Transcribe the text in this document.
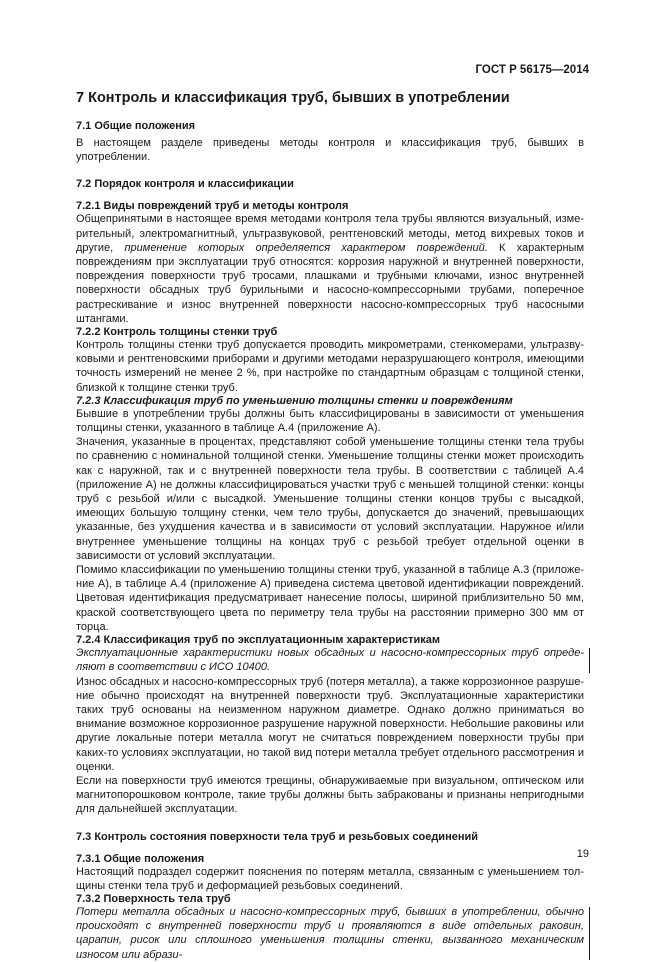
ГОСТ Р 56175—2014
7 Контроль и классификация труб, бывших в употреблении
7.1 Общие положения

В настоящем разделе приведены методы контроля и классификация труб, бывших в употреблении.

7.2 Порядок контроля и классификации
7.2.1 Виды повреждений труб и методы контроля

Общепринятыми в настоящее время методами контроля тела трубы являются визуальный, измерительный, электромагнитный, ультразвуковой, рентгеновский методы, метод вихревых токов и другие, применение которых определяется характером повреждений. К характерным повреждениям при эксплуатации труб относятся: коррозия наружной и внутренней поверхности, повреждения поверхности труб тросами, плашками и трубными ключами, износ внутренней поверхности обсадных труб бурильными и насосно-компрессорными трубами, поперечное растрескивание и износ внутренней поверхности насосно-компрессорных труб насосными штангами.

7.2.2 Контроль толщины стенки труб

Контроль толщины стенки труб допускается проводить микрометрами, стенкомерами, ультразвуковыми и рентгеновскими приборами и другими методами неразрушающего контроля, имеющими точность измерений не менее 2 %, при настройке по стандартным образцам с толщиной стенки, близкой к толщине стенки труб.

7.2.3 Классификация труб по уменьшению толщины стенки и повреждениям

Бывшие в употреблении трубы должны быть классифицированы в зависимости от уменьшения толщины стенки, указанного в таблице А.4 (приложение А).

Значения, указанные в процентах, представляют собой уменьшение толщины стенки тела трубы по сравнению с номинальной толщиной стенки. Уменьшение толщины стенки может происходить как с наружной, так и с внутренней поверхности тела трубы. В соответствии с таблицей А.4 (приложение А) не должны классифицироваться участки труб с меньшей толщиной стенки: концы труб с резьбой и/или с высадкой. Уменьшение толщины стенки концов трубы с высадкой, имеющих большую толщину стенки, чем тело трубы, допускается до значений, превышающих указанные, без ухудшения качества и в зависимости от условий эксплуатации. Наружное и/или внутреннее уменьшение толщины на концах труб с резьбой требует отдельной оценки в зависимости от условий эксплуатации.

Помимо классификации по уменьшению толщины стенки труб, указанной в таблице А.3 (приложение А), в таблице А.4 (приложение А) приведена система цветовой идентификации повреждений. Цветовая идентификация предусматривает нанесение полосы, шириной приблизительно 50 мм, краской соответствующего цвета по периметру тела трубы на расстоянии примерно 300 мм от торца.

7.2.4 Классификация труб по эксплуатационным характеристикам

Эксплуатационные характеристики новых обсадных и насосно-компрессорных труб определяют в соответствии с ИСО 10400.

Износ обсадных и насосно-компрессорных труб (потеря металла), а также коррозионное разрушение обычно происходят на внутренней поверхности труб. Эксплуатационные характеристики таких труб основаны на неизменном наружном диаметре. Однако должно приниматься во внимание возможное коррозионное разрушение наружной поверхности. Небольшие раковины или другие локальные потери металла могут не считаться повреждением поверхности трубы при каких-то условиях эксплуатации, но такой вид потери металла требует отдельного рассмотрения и оценки.

Если на поверхности труб имеются трещины, обнаруживаемые при визуальном, оптическом или магнитопорошковом контроле, такие трубы должны быть забракованы и признаны непригодными для дальнейшей эксплуатации.

7.3 Контроль состояния поверхности тела труб и резьбовых соединений
7.3.1 Общие положения

Настоящий подраздел содержит пояснения по потерям металла, связанным с уменьшением толщины стенки тела труб и деформацией резьбовых соединений.

7.3.2 Поверхность тела труб

Потери металла обсадных и насосно-компрессорных труб, бывших в употреблении, обычно происходят с внутренней поверхности труб и проявляются в виде отдельных раковин, царапин, рисок или сплошного уменьшения толщины стенки, вызванного механическим износом или абрази-

19
